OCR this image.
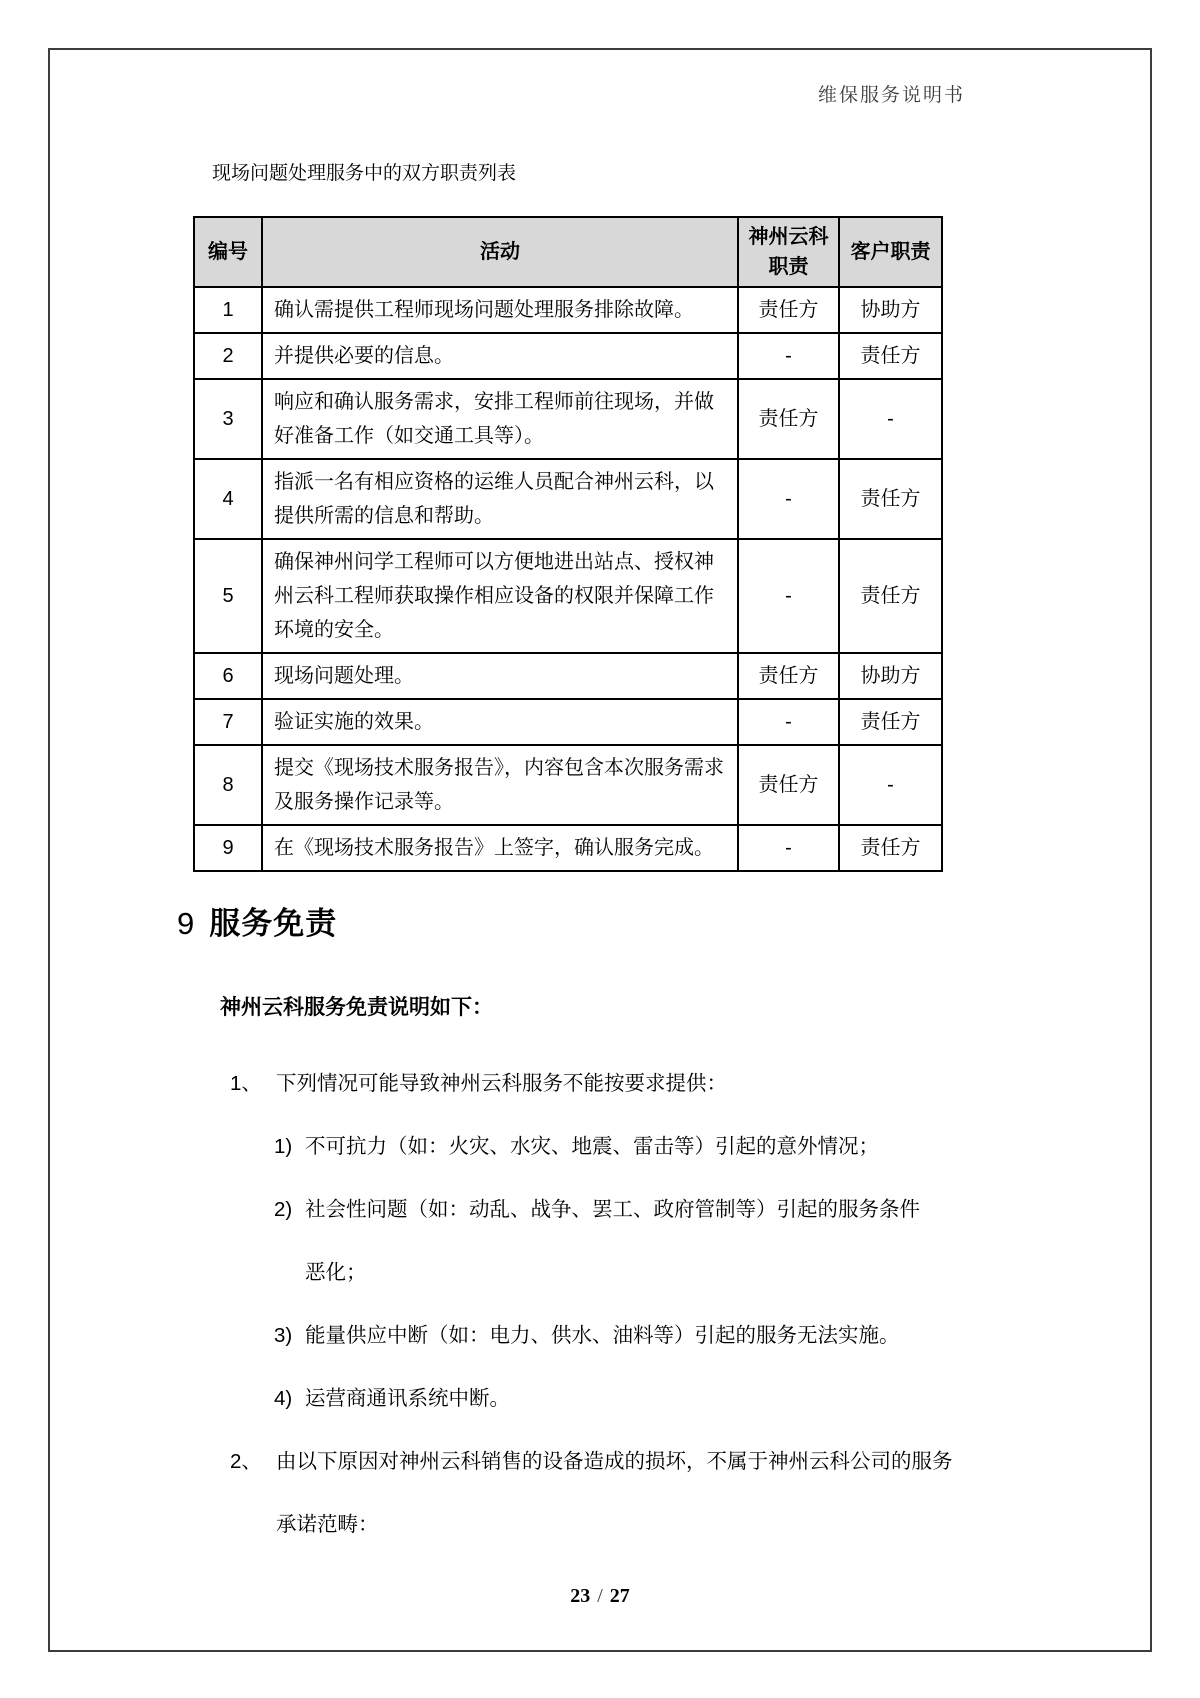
维保服务说明书
现场问题处理服务中的双方职责列表
编号	活动	神州云科职责	客户职责
1	确认需提供工程师现场问题处理服务排除故障。	责任方	协助方
2	并提供必要的信息。	-	责任方
3	响应和确认服务需求，安排工程师前往现场，并做好准备工作（如交通工具等）。	责任方	-
4	指派一名有相应资格的运维人员配合神州云科，以提供所需的信息和帮助。	-	责任方
5	确保神州问学工程师可以方便地进出站点、授权神州云科工程师获取操作相应设备的权限并保障工作环境的安全。	-	责任方
6	现场问题处理。	责任方	协助方
7	验证实施的效果。	-	责任方
8	提交《现场技术服务报告》，内容包含本次服务需求及服务操作记录等。	责任方	-
9	在《现场技术服务报告》上签字，确认服务完成。	-	责任方
9 服务免责
神州云科服务免责说明如下：
1、 下列情况可能导致神州云科服务不能按要求提供：
1) 不可抗力（如：火灾、水灾、地震、雷击等）引起的意外情况；
2) 社会性问题（如：动乱、战争、罢工、政府管制等）引起的服务条件恶化；
3) 能量供应中断（如：电力、供水、油料等）引起的服务无法实施。
4) 运营商通讯系统中断。
2、 由以下原因对神州云科销售的设备造成的损坏，不属于神州云科公司的服务承诺范畴：
23 / 27
